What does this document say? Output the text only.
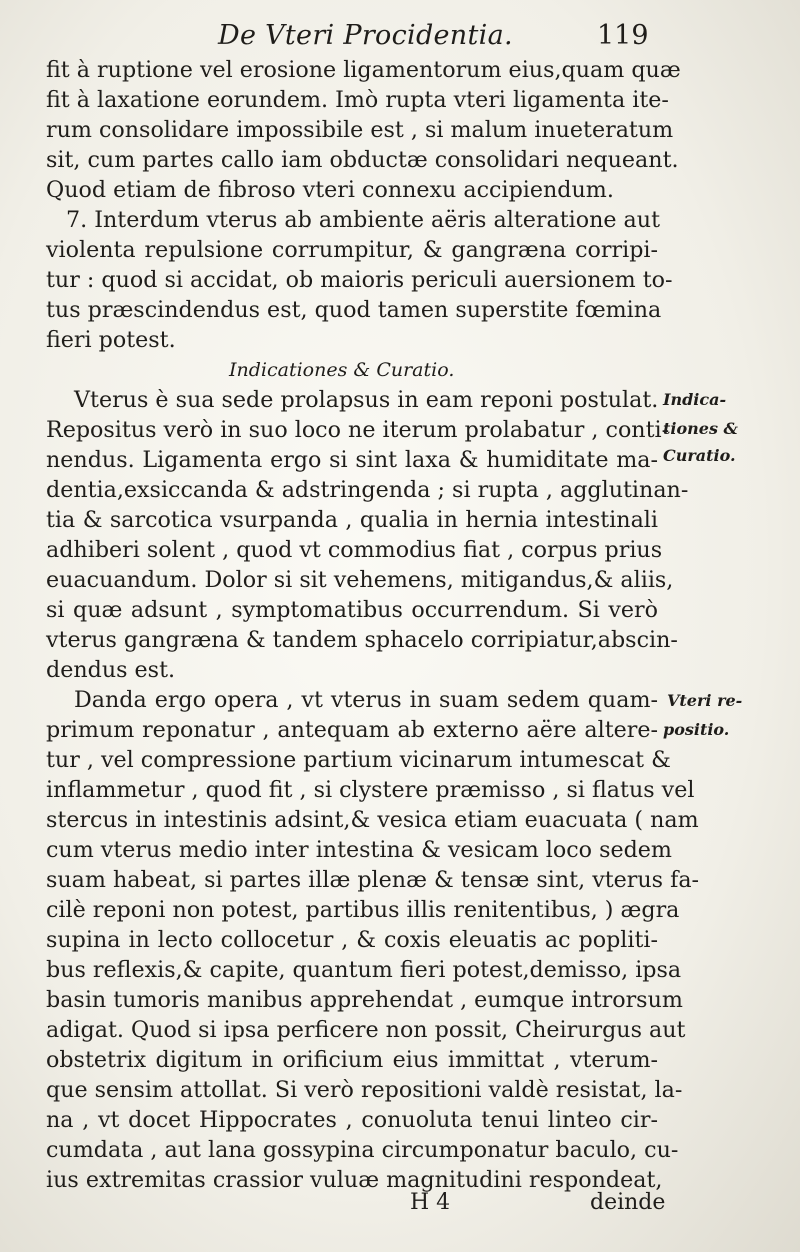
De Vteri Procidentia.	119
fit à ruptione vel erosione ligamentorum eius,quam quæ
fit à laxatione eorundem. Imò rupta vteri ligamenta ite-
rum consolidare impossibile est , si malum inueteratum
sit, cum partes callo iam obductæ consolidari nequeant.
Quod etiam de fibroso vteri connexu accipiendum.
7. Interdum vterus ab ambiente aëris alteratione aut
violenta repulsione corrumpitur, & gangræna corripi-
tur : quod si accidat, ob maioris periculi auersionem to-
tus præscindendus est, quod tamen superstite fœmina
fieri potest.
Indicationes & Curatio.
Vterus è sua sede prolapsus in eam reponi postulat.
Repositus verò in suo loco ne iterum prolabatur , conti-
nendus. Ligamenta ergo si sint laxa & humiditate ma-
dentia,exsiccanda & adstringenda ; si rupta , agglutinan-
tia & sarcotica vsurpanda , qualia in hernia intestinali
adhiberi solent , quod vt commodius fiat , corpus prius
euacuandum. Dolor si sit vehemens, mitigandus,& aliis,
si quæ adsunt , symptomatibus occurrendum. Si verò
vterus gangræna & tandem sphacelo corripiatur,abscin-
dendus est.
Danda ergo opera , vt vterus in suam sedem quam-
primum reponatur , antequam ab externo aëre altere-
tur , vel compressione partium vicinarum intumescat &
inflammetur , quod fit , si clystere præmisso , si flatus vel
stercus in intestinis adsint,& vesica etiam euacuata ( nam
cum vterus medio inter intestina & vesicam loco sedem
suam habeat, si partes illæ plenæ & tensæ sint, vterus fa-
cilè reponi non potest, partibus illis renitentibus, ) ægra
supina in lecto collocetur , & coxis eleuatis ac popliti-
bus reflexis,& capite, quantum fieri potest,demisso, ipsa
basin tumoris manibus apprehendat , eumque introrsum
adigat. Quod si ipsa perficere non possit, Cheirurgus aut
obstetrix digitum in orificium eius immittat , vterum-
que sensim attollat. Si verò repositioni valdè resistat, la-
na , vt docet Hippocrates , conuoluta tenui linteo cir-
cumdata , aut lana gossypina circumponatur baculo, cu-
ius extremitas crassior vuluæ magnitudini respondeat,
Indica-
tiones &
Curatio.
Vteri re-
positio.
H 4	deinde
